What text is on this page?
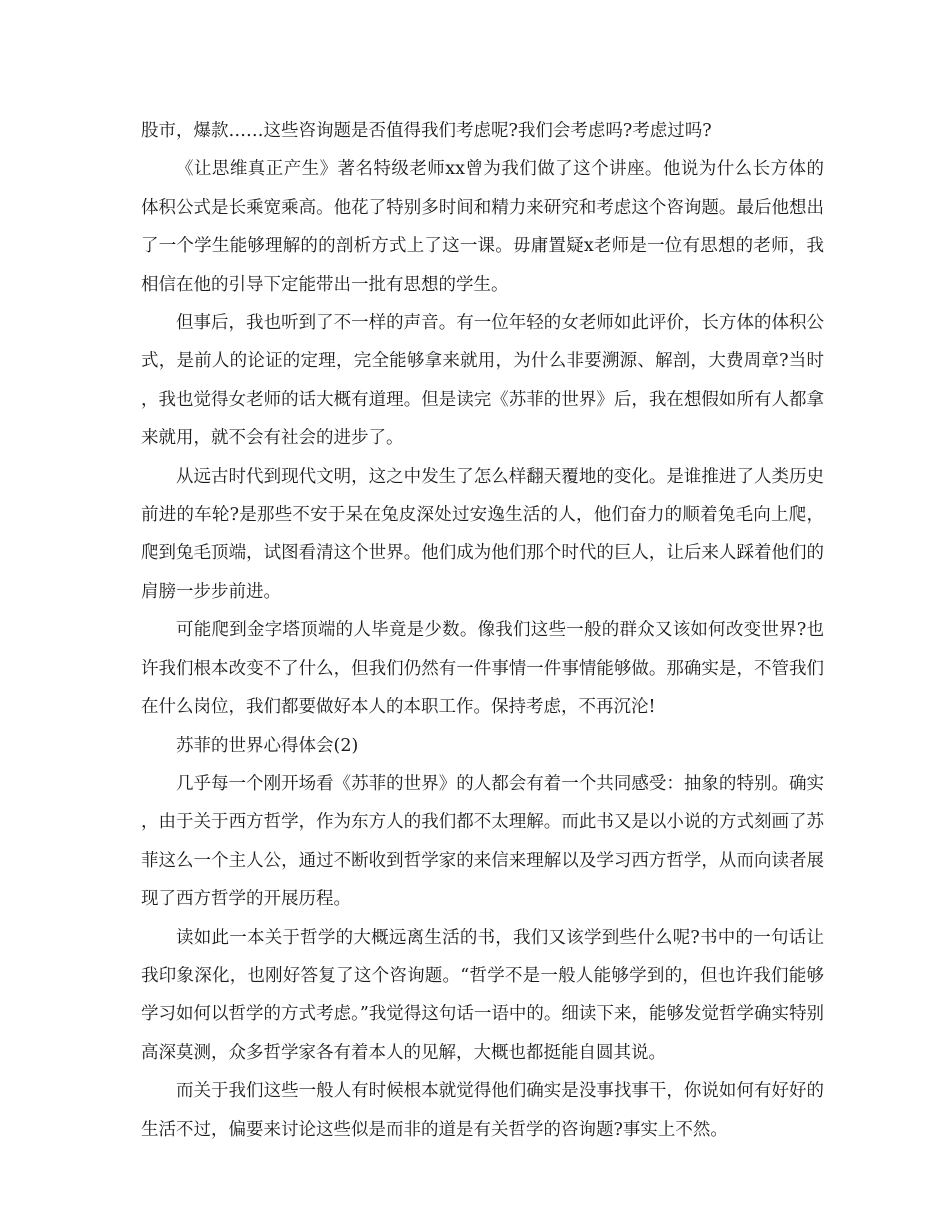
股市，爆款……这些咨询题是否值得我们考虑呢?我们会考虑吗?考虑过吗?

《让思维真正产生》著名特级老师xx曾为我们做了这个讲座。他说为什么长方体的体积公式是长乘宽乘高。他花了特别多时间和精力来研究和考虑这个咨询题。最后他想出了一个学生能够理解的的剖析方式上了这一课。毋庸置疑x老师是一位有思想的老师，我相信在他的引导下定能带出一批有思想的学生。

但事后，我也听到了不一样的声音。有一位年轻的女老师如此评价，长方体的体积公式，是前人的论证的定理，完全能够拿来就用，为什么非要溯源、解剖，大费周章?当时，我也觉得女老师的话大概有道理。但是读完《苏菲的世界》后，我在想假如所有人都拿来就用，就不会有社会的进步了。

从远古时代到现代文明，这之中发生了怎么样翻天覆地的变化。是谁推进了人类历史前进的车轮?是那些不安于呆在兔皮深处过安逸生活的人，他们奋力的顺着兔毛向上爬，爬到兔毛顶端，试图看清这个世界。他们成为他们那个时代的巨人，让后来人踩着他们的肩膀一步步前进。

可能爬到金字塔顶端的人毕竟是少数。像我们这些一般的群众又该如何改变世界?也许我们根本改变不了什么，但我们仍然有一件事情一件事情能够做。那确实是，不管我们在什么岗位，我们都要做好本人的本职工作。保持考虑，不再沉沦!

苏菲的世界心得体会(2)

几乎每一个刚开场看《苏菲的世界》的人都会有着一个共同感受：抽象的特别。确实，由于关于西方哲学，作为东方人的我们都不太理解。而此书又是以小说的方式刻画了苏菲这么一个主人公，通过不断收到哲学家的来信来理解以及学习西方哲学，从而向读者展现了西方哲学的开展历程。

读如此一本关于哲学的大概远离生活的书，我们又该学到些什么呢?书中的一句话让我印象深化，也刚好答复了这个咨询题。“哲学不是一般人能够学到的，但也许我们能够学习如何以哲学的方式考虑。”我觉得这句话一语中的。细读下来，能够发觉哲学确实特别高深莫测，众多哲学家各有着本人的见解，大概也都挺能自圆其说。

而关于我们这些一般人有时候根本就觉得他们确实是没事找事干，你说如何有好好的生活不过，偏要来讨论这些似是而非的道是有关哲学的咨询题?事实上不然。
